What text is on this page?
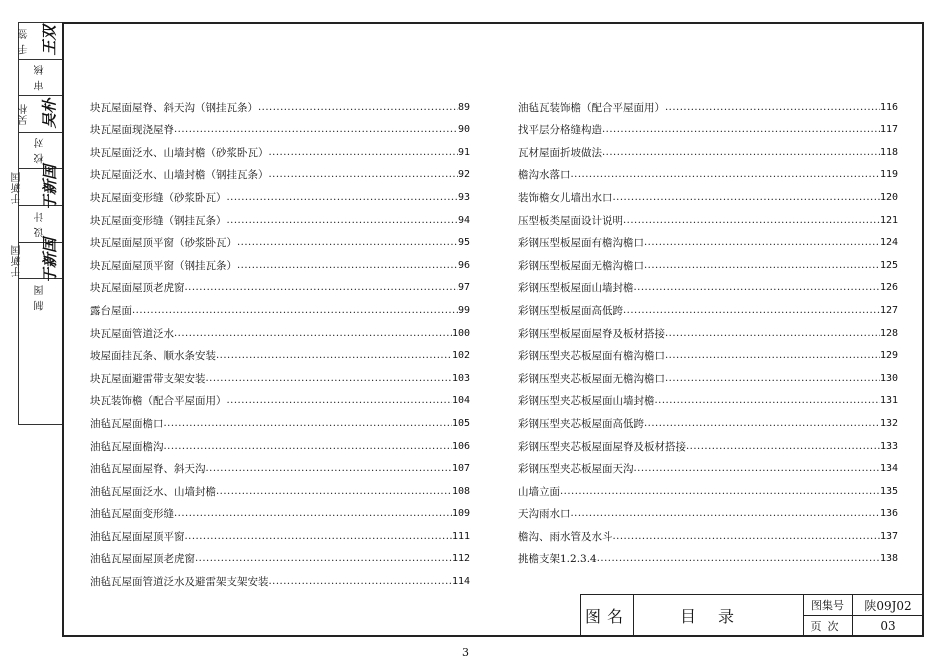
手 签 王双
审 核
吴朴 吴朴
校 对
于新国 于新国
设 计
于新国 于新国
制 图
块瓦屋面屋脊、斜天沟（钢挂瓦条） .....	89
块瓦屋面现浇屋脊 .....	90
块瓦屋面泛水、山墙封檐（砂浆卧瓦） .....	91
块瓦屋面泛水、山墙封檐（钢挂瓦条） .....	92
块瓦屋面变形缝（砂浆卧瓦） .....	93
块瓦屋面变形缝（钢挂瓦条） .....	94
块瓦屋面屋顶平窗（砂浆卧瓦） .....	95
块瓦屋面屋顶平窗（钢挂瓦条） .....	96
块瓦屋面屋顶老虎窗 .....	97
露台屋面 .....	99
块瓦屋面管道泛水 .....	100
坡屋面挂瓦条、顺水条安装 .....	102
块瓦屋面避雷带支架安装 .....	103
块瓦装饰檐（配合平屋面用） .....	104
油毡瓦屋面檐口 .....	105
油毡瓦屋面檐沟 .....	106
油毡瓦屋面屋脊、斜天沟 .....	107
油毡瓦屋面泛水、山墙封檐 .....	108
油毡瓦屋面变形缝 .....	109
油毡瓦屋面屋顶平窗 .....	111
油毡瓦屋面屋顶老虎窗 .....	112
油毡瓦屋面管道泛水及避雷架支架安装 .....	114
油毡瓦装饰檐（配合平屋面用） .....	116
找平层分格缝构造 .....	117
瓦材屋面折坡做法 .....	118
檐沟水落口 .....	119
装饰檐女儿墙出水口 .....	120
压型板类屋面设计说明 .....	121
彩钢压型板屋面有檐沟檐口 .....	124
彩钢压型板屋面无檐沟檐口 .....	125
彩钢压型板屋面山墙封檐 .....	126
彩钢压型板屋面高低跨 .....	127
彩钢压型板屋面屋脊及板材搭接 .....	128
彩钢压型夹芯板屋面有檐沟檐口 .....	129
彩钢压型夹芯板屋面无檐沟檐口 .....	130
彩钢压型夹芯板屋面山墙封檐 .....	131
彩钢压型夹芯板屋面高低跨 .....	132
彩钢压型夹芯板屋面屋脊及板材搭接 .....	133
彩钢压型夹芯板屋面天沟 .....	134
山墙立面 .....	135
天沟雨水口 .....	136
檐沟、雨水管及水斗 .....	137
挑檐支架1.2.3.4 .....	138
图名	目录
图集号	陕09J02
页次	03
3
